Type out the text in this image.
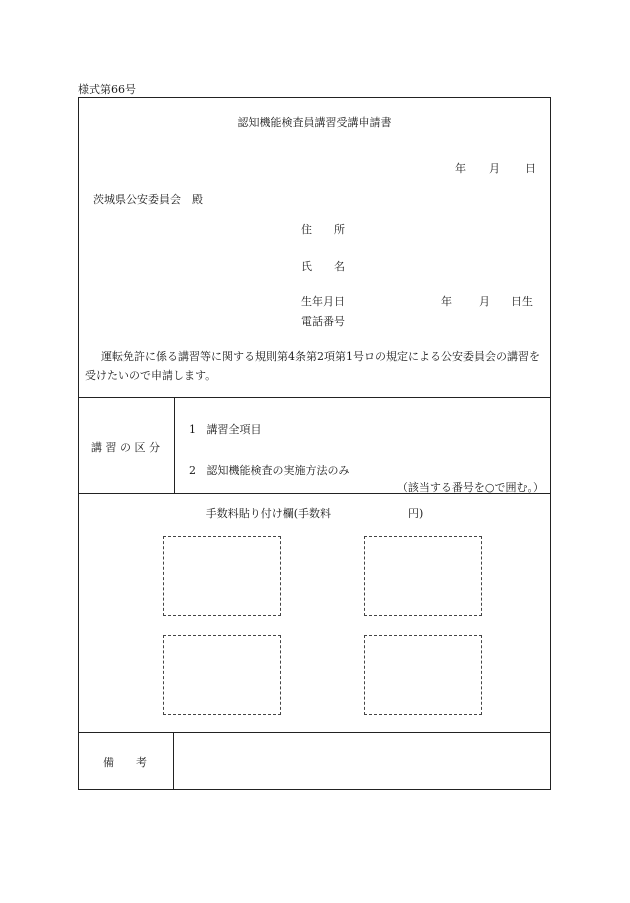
様式第66号
認知機能検査員講習受講申請書
年 月 日
茨城県公安委員会　殿
住　　所
氏　　名
生年月日	年 月 日生
電話番号
運転免許に係る講習等に関する規則第4条第2項第1号ロの規定による公安委員会の講習を受けたいので申請します。
講習の区分
1 講習全項目
2 認知機能検査の実施方法のみ
（該当する番号を○で囲む。）
手数料貼り付け欄(手数料　　　　　　　円)
備　　考
